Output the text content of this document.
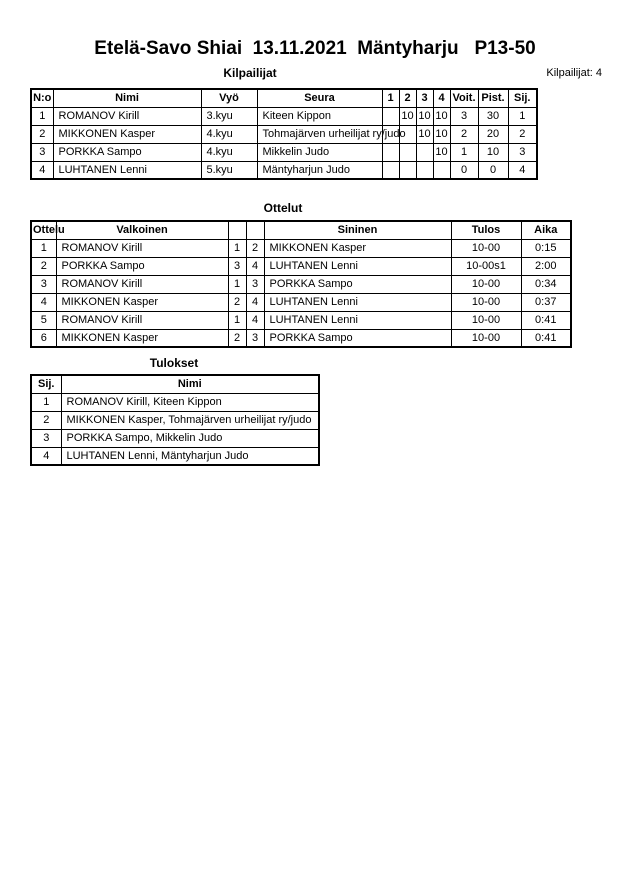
Etelä-Savo Shiai  13.11.2021  Mäntyharju   P13-50
Kilpailijat	Kilpailijat: 4
N:o	Nimi	Vyö	Seura	1	2	3	4	Voit.	Pist.	Sij.
1	ROMANOV Kirill	3.kyu	Kiteen Kippon		10	10	10	3	30	1
2	MIKKONEN Kasper	4.kyu	Tohmajärven urheilijat ry/judo			10	10	2	20	2
3	PORKKA Sampo	4.kyu	Mikkelin Judo				10	1	10	3
4	LUHTANEN Lenni	5.kyu	Mäntyharjun Judo					0	0	4
Ottelut
Ottelu	Valkoinen			Sininen	Tulos	Aika
1	ROMANOV Kirill	1	2	MIKKONEN Kasper	10-00	0:15
2	PORKKA Sampo	3	4	LUHTANEN Lenni	10-00s1	2:00
3	ROMANOV Kirill	1	3	PORKKA Sampo	10-00	0:34
4	MIKKONEN Kasper	2	4	LUHTANEN Lenni	10-00	0:37
5	ROMANOV Kirill	1	4	LUHTANEN Lenni	10-00	0:41
6	MIKKONEN Kasper	2	3	PORKKA Sampo	10-00	0:41
Tulokset
Sij.	Nimi
1	ROMANOV Kirill, Kiteen Kippon
2	MIKKONEN Kasper, Tohmajärven urheilijat ry/judo
3	PORKKA Sampo, Mikkelin Judo
4	LUHTANEN Lenni, Mäntyharjun Judo
